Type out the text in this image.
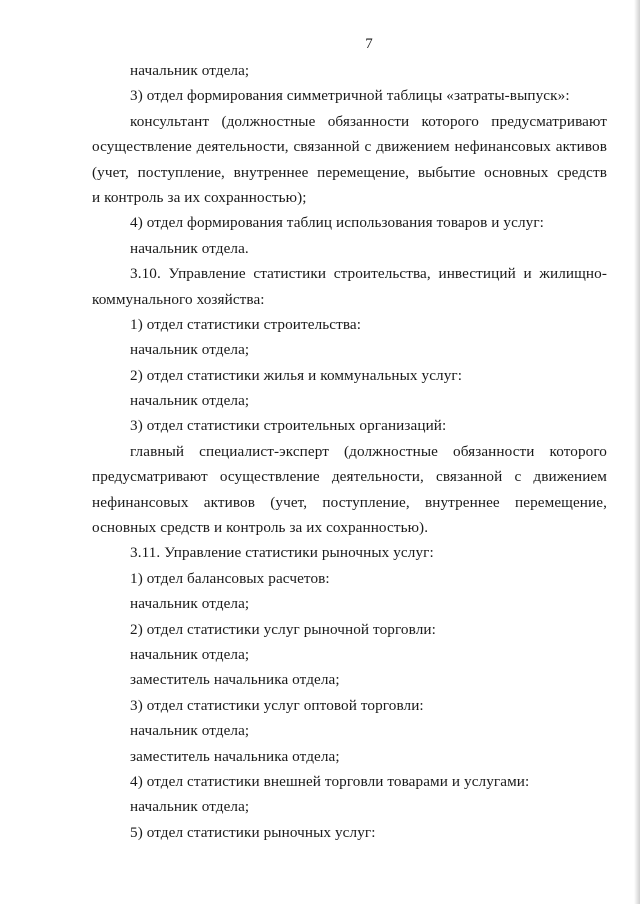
7
начальник отдела;
3) отдел формирования симметричной таблицы «затраты-выпуск»:
консультант (должностные обязанности которого предусматривают
осуществление деятельности, связанной с движением нефинансовых активов
(учет, поступление, внутреннее перемещение, выбытие основных средств
и контроль за их сохранностью);
4) отдел формирования таблиц использования товаров и услуг:
начальник отдела.
3.10. Управление статистики строительства, инвестиций и жилищно-
коммунального хозяйства:
1) отдел статистики строительства:
начальник отдела;
2) отдел статистики жилья и коммунальных услуг:
начальник отдела;
3) отдел статистики строительных организаций:
главный специалист-эксперт (должностные обязанности которого
предусматривают осуществление деятельности, связанной с движением
нефинансовых активов (учет, поступление, внутреннее перемещение,
основных средств и контроль за их сохранностью).
3.11. Управление статистики рыночных услуг:
1) отдел балансовых расчетов:
начальник отдела;
2) отдел статистики услуг рыночной торговли:
начальник отдела;
заместитель начальника отдела;
3) отдел статистики услуг оптовой торговли:
начальник отдела;
заместитель начальника отдела;
4) отдел статистики внешней торговли товарами и услугами:
начальник отдела;
5) отдел статистики рыночных услуг:
